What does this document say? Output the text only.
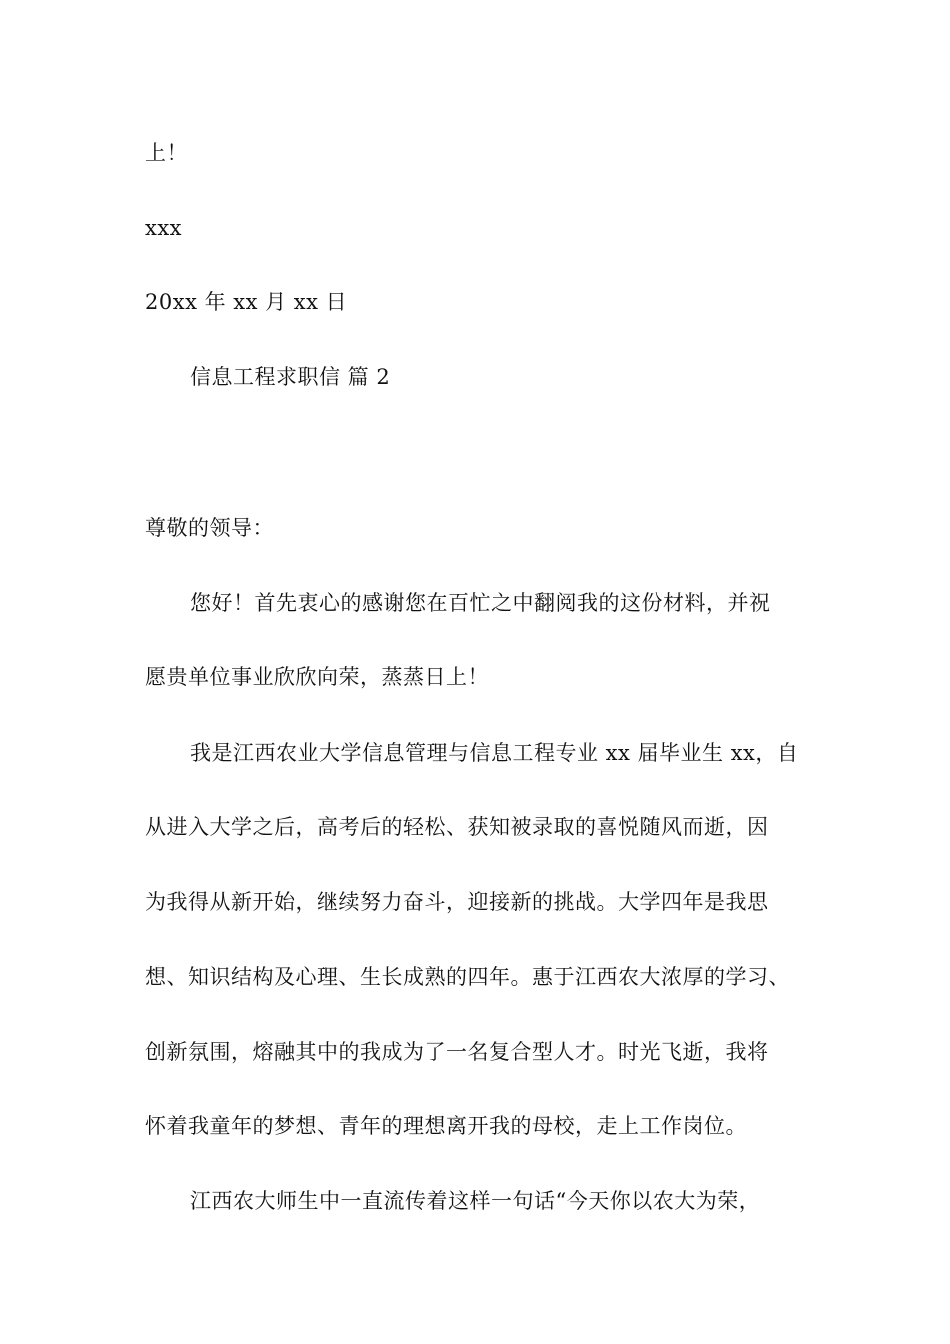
上！
xxx
20xx 年 xx 月 xx 日
信息工程求职信 篇 2
尊敬的领导：
您好！首先衷心的感谢您在百忙之中翻阅我的这份材料，并祝
愿贵单位事业欣欣向荣，蒸蒸日上！
我是江西农业大学信息管理与信息工程专业 xx 届毕业生 xx，自
从进入大学之后，高考后的轻松、获知被录取的喜悦随风而逝，因
为我得从新开始，继续努力奋斗，迎接新的挑战。大学四年是我思
想、知识结构及心理、生长成熟的四年。惠于江西农大浓厚的学习、
创新氛围，熔融其中的我成为了一名复合型人才。时光飞逝，我将
怀着我童年的梦想、青年的理想离开我的母校，走上工作岗位。
江西农大师生中一直流传着这样一句话“今天你以农大为荣，
